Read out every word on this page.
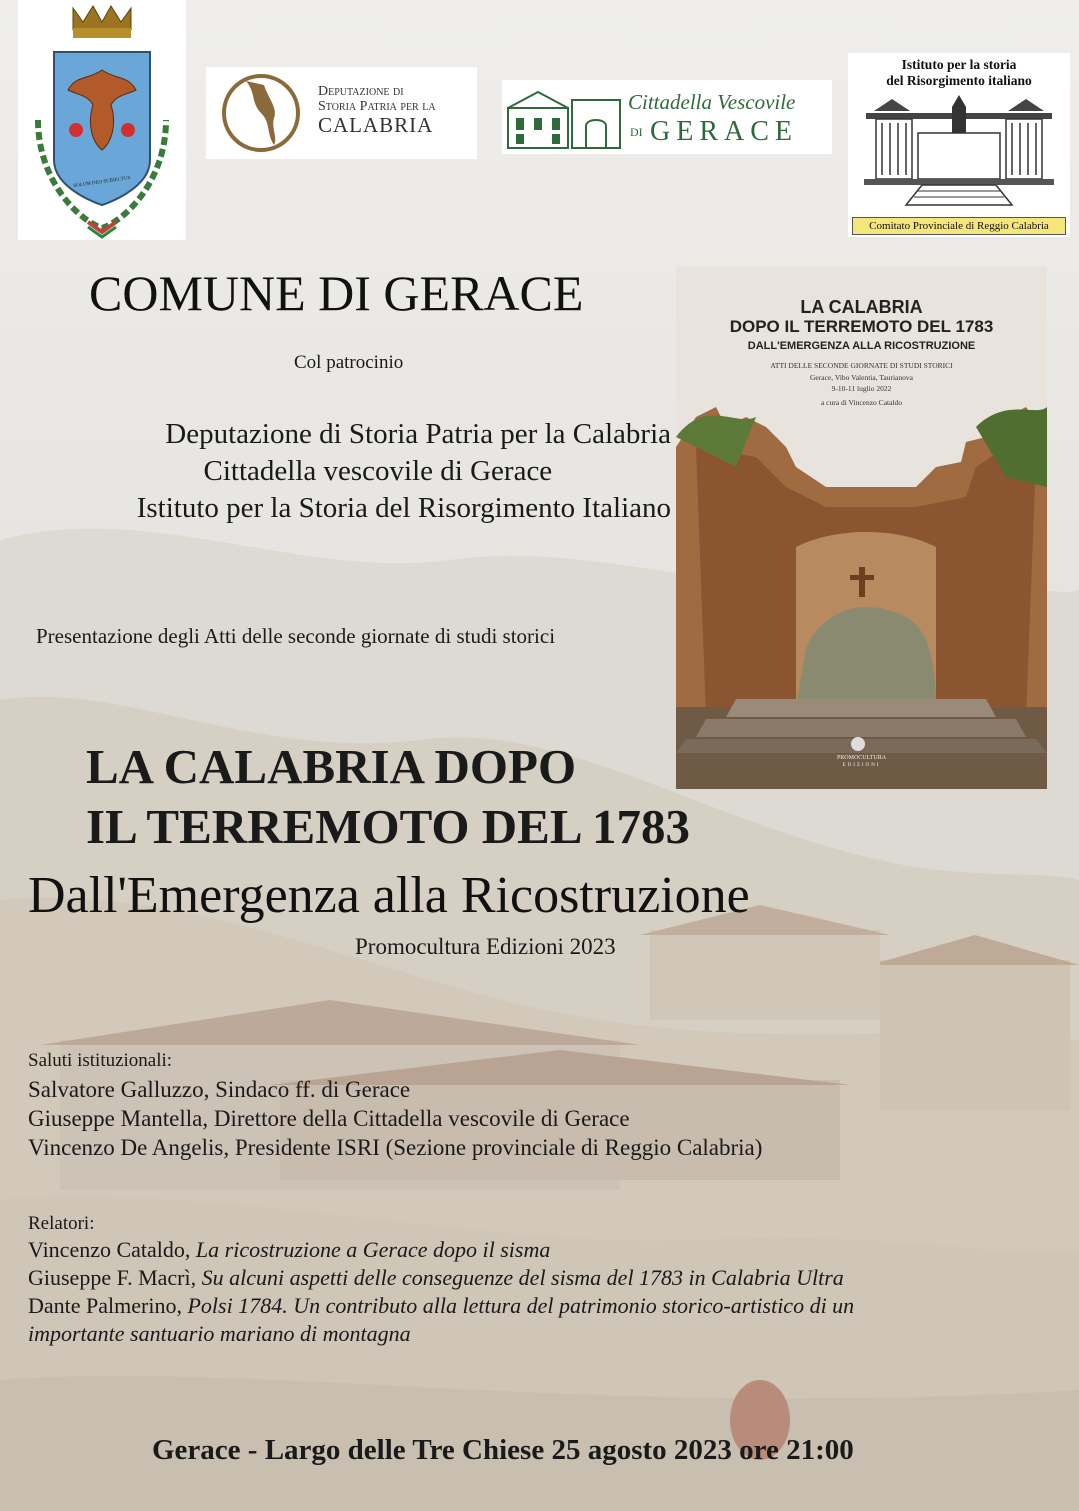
SOLUM DEO SUBIECTUS
Deputazione di
Storia Patria per la
CALABRIA
Cittadella Vescovile
DI GERACE
Istituto per la storia
del Risorgimento italiano
Comitato Provinciale di Reggio Calabria
COMUNE DI GERACE
Col patrocinio
Deputazione di Storia Patria per la Calabria
Cittadella vescovile di Gerace
Istituto per la Storia del Risorgimento Italiano
Presentazione degli Atti delle seconde giornate di studi storici
LA CALABRIA
DOPO IL TERREMOTO DEL 1783
DALL'EMERGENZA ALLA RICOSTRUZIONE
ATTI DELLE SECONDE GIORNATE DI STUDI STORICI
Gerace, Vibo Valentia, Taurianova
9-10-11 luglio 2022
a cura di Vincenzo Cataldo
PROMOCULTURA
EDIZIONI
LA CALABRIA DOPO
IL TERREMOTO DEL 1783
Dall'Emergenza alla Ricostruzione
Promocultura Edizioni 2023
Saluti istituzionali:
Salvatore Galluzzo, Sindaco ff. di Gerace
Giuseppe Mantella, Direttore della Cittadella vescovile di Gerace
Vincenzo De Angelis, Presidente ISRI (Sezione provinciale di Reggio Calabria)
Relatori:
Vincenzo Cataldo, La ricostruzione a Gerace dopo il sisma
Giuseppe F. Macrì, Su alcuni aspetti delle conseguenze del sisma del 1783 in Calabria Ultra
Dante Palmerino, Polsi 1784. Un contributo alla lettura del patrimonio storico-artistico di un
importante santuario mariano di montagna
Gerace - Largo delle Tre Chiese 25 agosto 2023 ore 21:00
